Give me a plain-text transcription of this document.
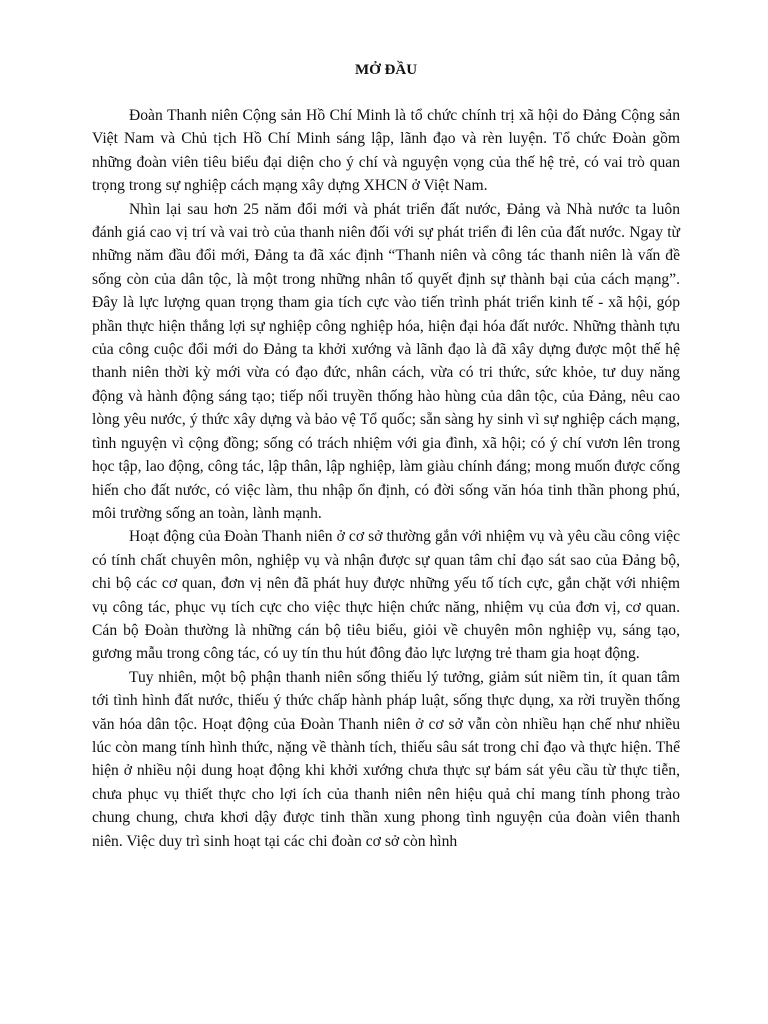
MỞ ĐẦU

Đoàn Thanh niên Cộng sản Hồ Chí Minh là tổ chức chính trị xã hội do Đảng Cộng sản Việt Nam và Chủ tịch Hồ Chí Minh sáng lập, lãnh đạo và rèn luyện. Tổ chức Đoàn gồm những đoàn viên tiêu biểu đại diện cho ý chí và nguyện vọng của thế hệ trẻ, có vai trò quan trọng trong sự nghiệp cách mạng xây dựng XHCN ở Việt Nam.

Nhìn lại sau hơn 25 năm đổi mới và phát triển đất nước, Đảng và Nhà nước ta luôn đánh giá cao vị trí và vai trò của thanh niên đối với sự phát triển đi lên của đất nước. Ngay từ những năm đầu đổi mới, Đảng ta đã xác định “Thanh niên và công tác thanh niên là vấn đề sống còn của dân tộc, là một trong những nhân tố quyết định sự thành bại của cách mạng”. Đây là lực lượng quan trọng tham gia tích cực vào tiến trình phát triển kinh tế - xã hội, góp phần thực hiện thắng lợi sự nghiệp công nghiệp hóa, hiện đại hóa đất nước. Những thành tựu của công cuộc đổi mới do Đảng ta khởi xướng và lãnh đạo là đã xây dựng được một thế hệ thanh niên thời kỳ mới vừa có đạo đức, nhân cách, vừa có tri thức, sức khỏe, tư duy năng động và hành động sáng tạo; tiếp nối truyền thống hào hùng của dân tộc, của Đảng, nêu cao lòng yêu nước, ý thức xây dựng và bảo vệ Tổ quốc; sẵn sàng hy sinh vì sự nghiệp cách mạng, tình nguyện vì cộng đồng; sống có trách nhiệm với gia đình, xã hội; có ý chí vươn lên trong học tập, lao động, công tác, lập thân, lập nghiệp, làm giàu chính đáng; mong muốn được cống hiến cho đất nước, có việc làm, thu nhập ổn định, có đời sống văn hóa tinh thần phong phú, môi trường sống an toàn, lành mạnh.

Hoạt động của Đoàn Thanh niên ở cơ sở thường gắn với nhiệm vụ và yêu cầu công việc có tính chất chuyên môn, nghiệp vụ và nhận được sự quan tâm chỉ đạo sát sao của Đảng bộ, chi bộ các cơ quan, đơn vị nên đã phát huy được những yếu tố tích cực, gắn chặt với nhiệm vụ công tác, phục vụ tích cực cho việc thực hiện chức năng, nhiệm vụ của đơn vị, cơ quan. Cán bộ Đoàn thường là những cán bộ tiêu biểu, giỏi về chuyên môn nghiệp vụ, sáng tạo, gương mẫu trong công tác, có uy tín thu hút đông đảo lực lượng trẻ tham gia hoạt động.

Tuy nhiên, một bộ phận thanh niên sống thiếu lý tưởng, giảm sút niềm tin, ít quan tâm tới tình hình đất nước, thiếu ý thức chấp hành pháp luật, sống thực dụng, xa rời truyền thống văn hóa dân tộc. Hoạt động của Đoàn Thanh niên ở cơ sở vẫn còn nhiều hạn chế như nhiều lúc còn mang tính hình thức, nặng về thành tích, thiếu sâu sát trong chỉ đạo và thực hiện. Thể hiện ở nhiều nội dung hoạt động khi khởi xướng chưa thực sự bám sát yêu cầu từ thực tiễn, chưa phục vụ thiết thực cho lợi ích của thanh niên nên hiệu quả chỉ mang tính phong trào chung chung, chưa khơi dậy được tinh thần xung phong tình nguyện của đoàn viên thanh niên. Việc duy trì sinh hoạt tại các chi đoàn cơ sở còn hình
